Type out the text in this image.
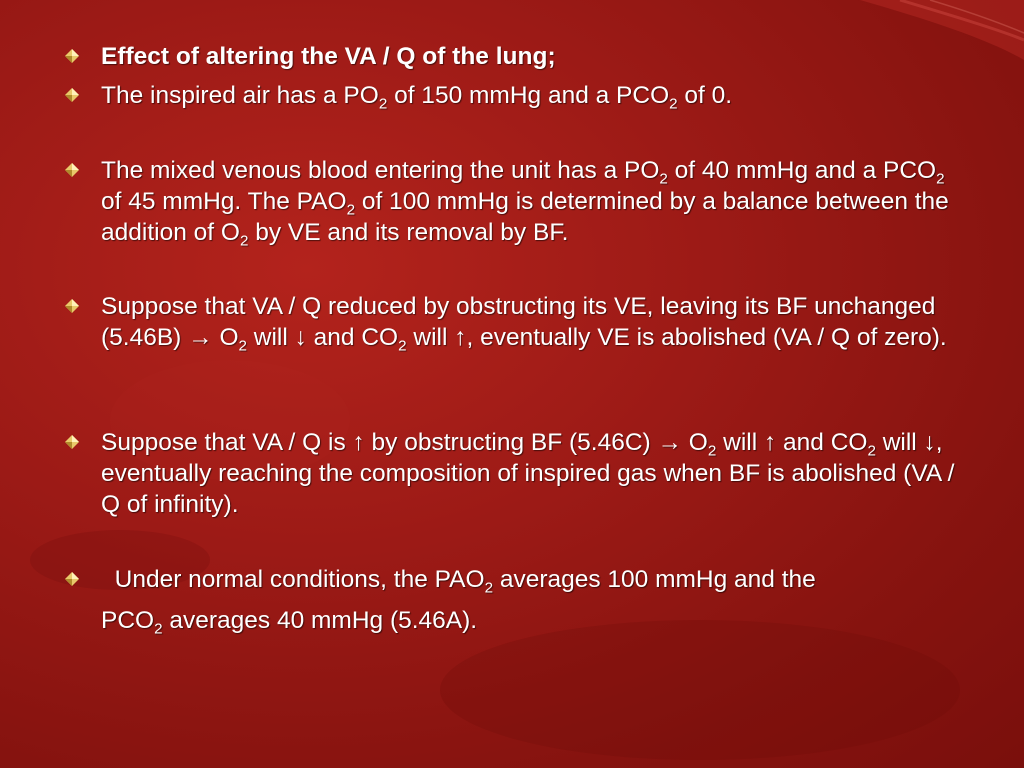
Effect of altering the VA / Q of the lung;
The inspired air has a $PO_2$ of 150 mmHg and a $PCO_2$ of 0.
The mixed venous blood entering the unit has a $PO_2$ of 40 mmHg and a $PCO_2$ of 45 mmHg. The $PAO_2$ of 100 mmHg is determined by a balance between the addition of $O_2$ by VE and its removal by BF.
Suppose that VA / Q reduced by obstructing its VE, leaving its BF unchanged $(5.46B) \to O_2$ will ↓ and $CO_2$ will ↑, eventually VE is abolished (VA / Q of zero).
Suppose that VA / Q is ↑ by obstructing BF $(5.46C) \to O_2$ will ↑ and $CO_2$ will ↓, eventually reaching the composition of inspired gas when BF is abolished (VA / Q of infinity).
Under normal conditions, the $PAO_2$ averages 100 mmHg and the
$PCO_2$ averages 40 mmHg (5.46A).
